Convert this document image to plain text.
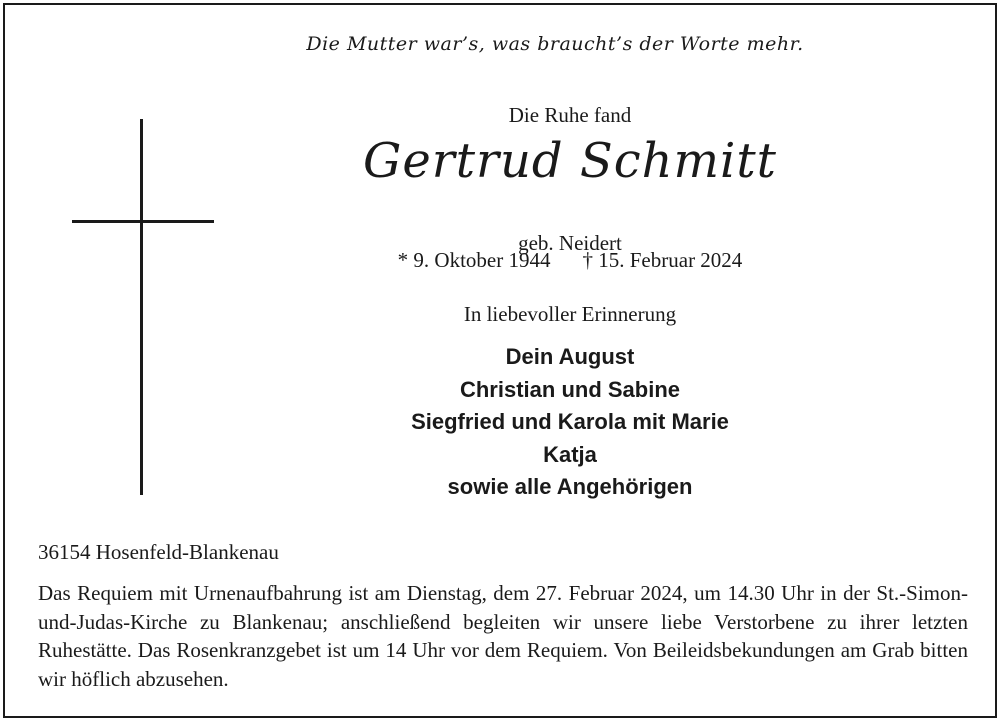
Die Mutter war’s, was braucht’s der Worte mehr.
Die Ruhe fand
Gertrud Schmitt
geb. Neidert
* 9. Oktober 1944 † 15. Februar 2024
In liebevoller Erinnerung
Dein August
Christian und Sabine
Siegfried und Karola mit Marie
Katja
sowie alle Angehörigen
36154 Hosenfeld-Blankenau

Das Requiem mit Urnenaufbahrung ist am Dienstag, dem 27. Februar 2024, um 14.30 Uhr in der St.-Simon-und-Judas-Kirche zu Blankenau; anschließend begleiten wir unsere liebe Verstorbene zu ihrer letzten Ruhestätte. Das Rosenkranzgebet ist um 14 Uhr vor dem Requiem. Von Beileidsbekundungen am Grab bitten wir höflich abzusehen.
